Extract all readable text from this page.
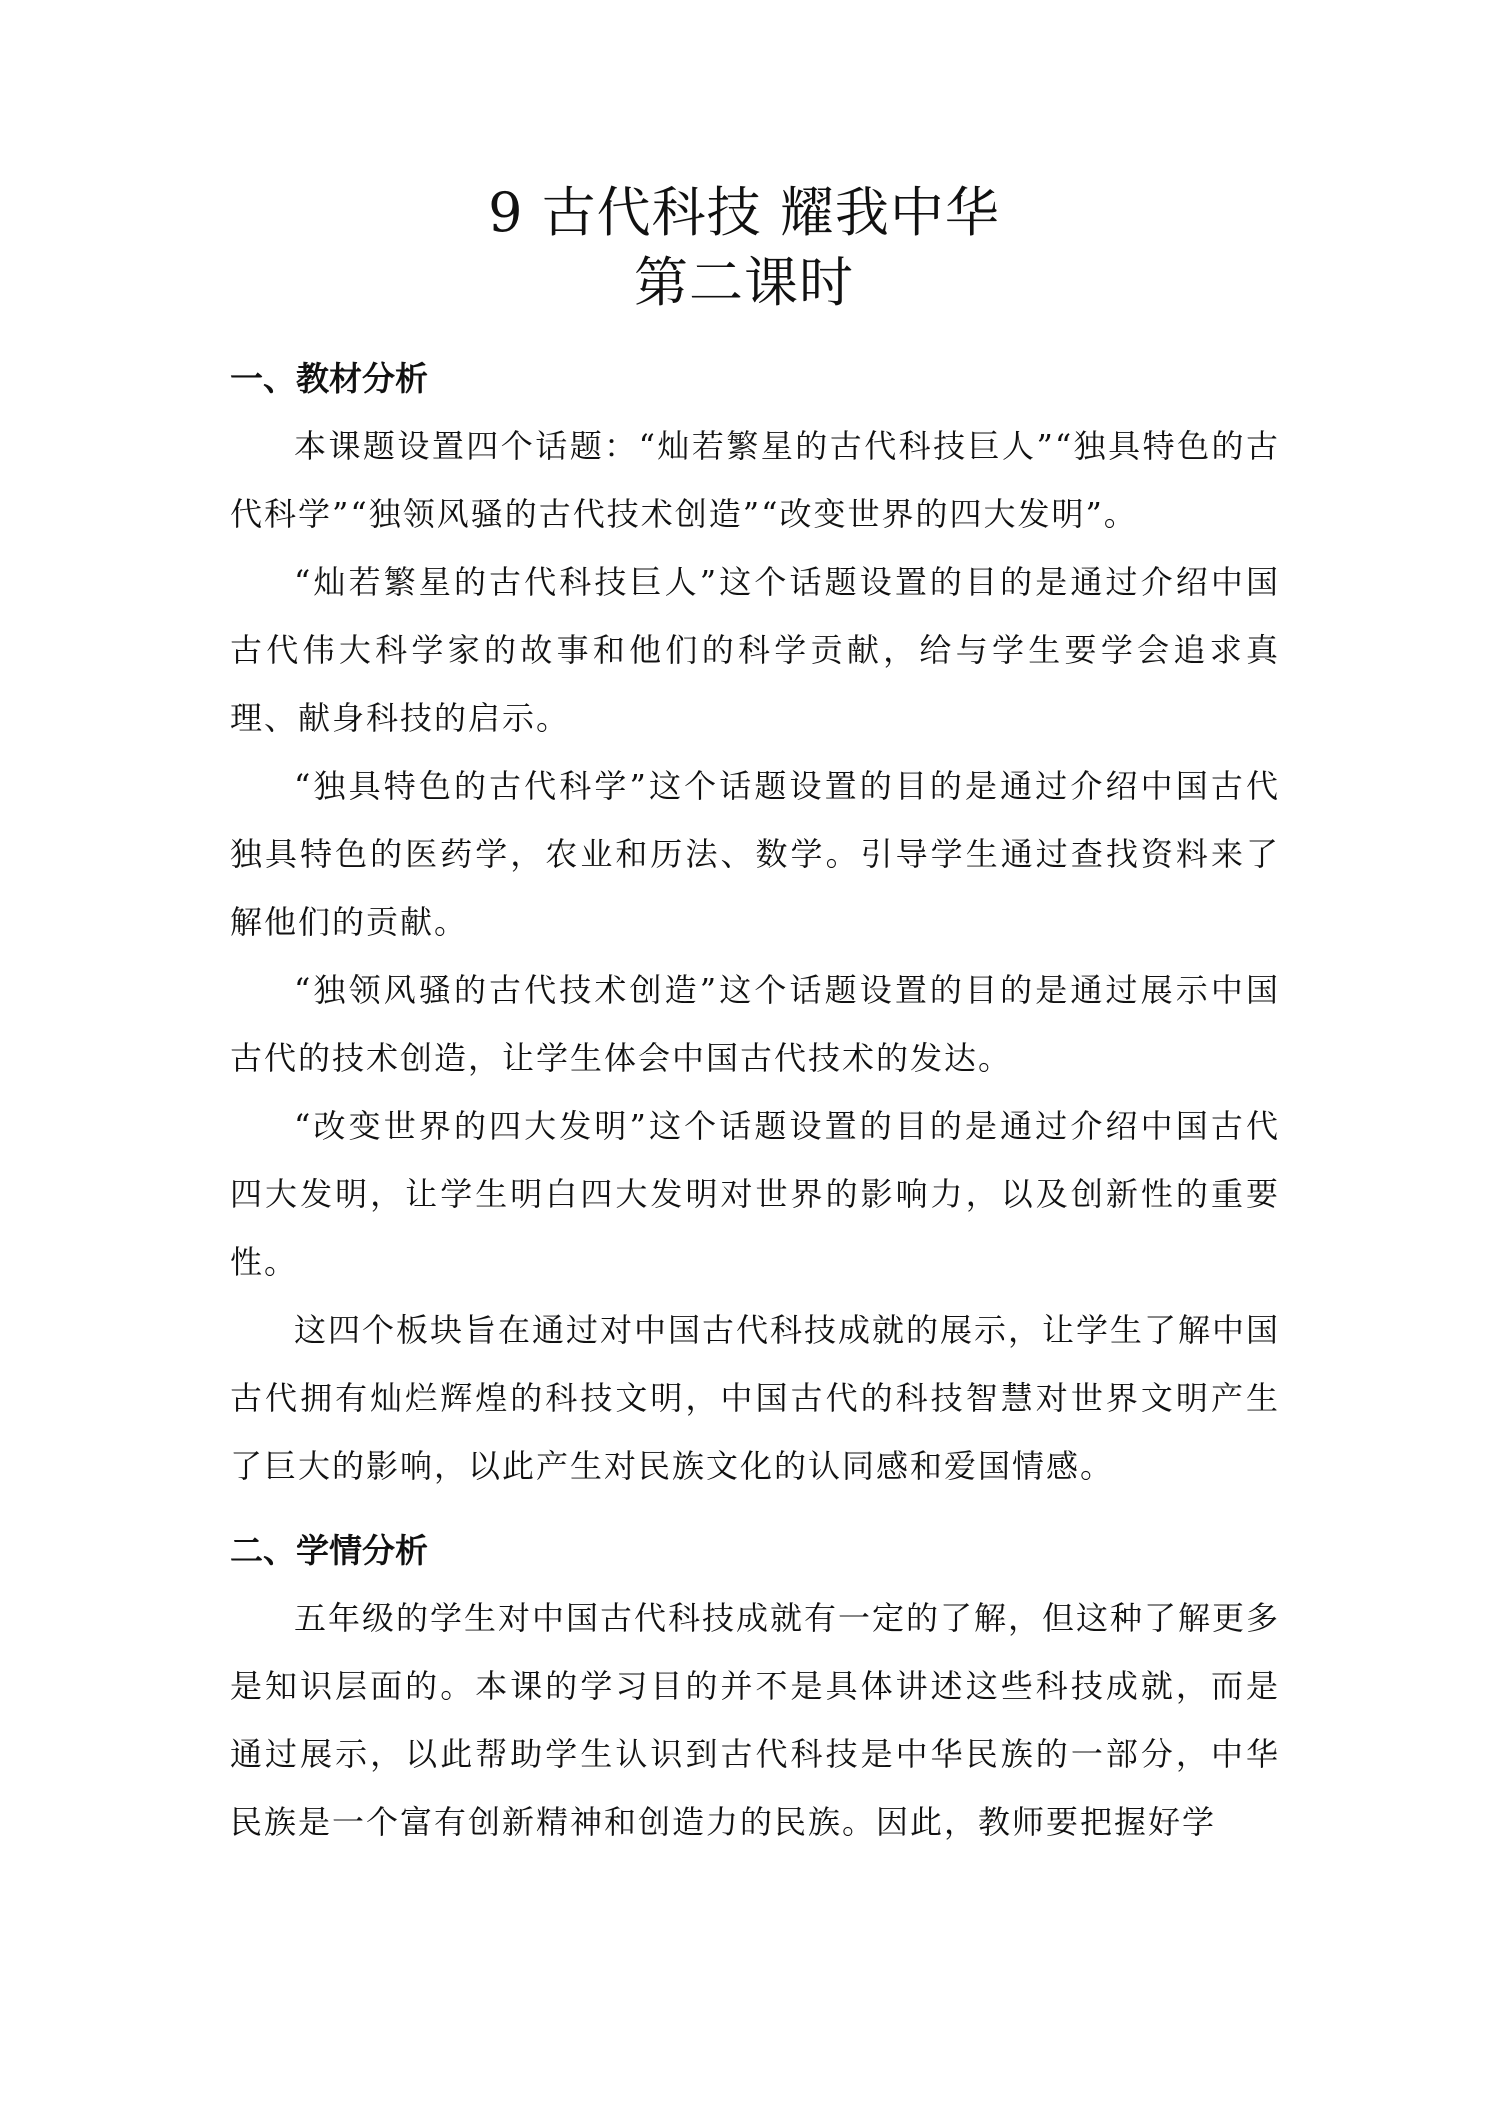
9 古代科技 耀我中华
第二课时
一、教材分析

本课题设置四个话题：“灿若繁星的古代科技巨人”“独具特色的古代科学”“独领风骚的古代技术创造”“改变世界的四大发明”。

“灿若繁星的古代科技巨人”这个话题设置的目的是通过介绍中国古代伟大科学家的故事和他们的科学贡献，给与学生要学会追求真理、献身科技的启示。

“独具特色的古代科学”这个话题设置的目的是通过介绍中国古代独具特色的医药学，农业和历法、数学。引导学生通过查找资料来了解他们的贡献。

“独领风骚的古代技术创造”这个话题设置的目的是通过展示中国古代的技术创造，让学生体会中国古代技术的发达。

“改变世界的四大发明”这个话题设置的目的是通过介绍中国古代四大发明，让学生明白四大发明对世界的影响力，以及创新性的重要性。

这四个板块旨在通过对中国古代科技成就的展示，让学生了解中国古代拥有灿烂辉煌的科技文明，中国古代的科技智慧对世界文明产生了巨大的影响，以此产生对民族文化的认同感和爱国情感。

二、学情分析

五年级的学生对中国古代科技成就有一定的了解，但这种了解更多是知识层面的。本课的学习目的并不是具体讲述这些科技成就，而是通过展示，以此帮助学生认识到古代科技是中华民族的一部分，中华民族是一个富有创新精神和创造力的民族。因此，教师要把握好学
